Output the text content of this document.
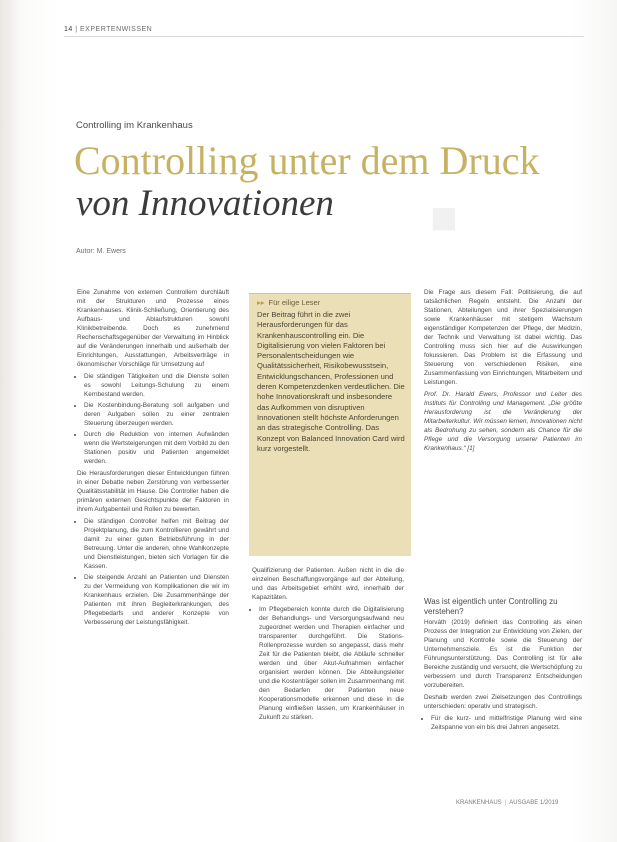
14 | EXPERTENWISSEN
■
Controlling im Krankenhaus
Controlling unter dem Druck
von Innovationen
Autor: M. Ewers

Eine Zunahme von externen Controllern durchläuft mit der Strukturen und Prozesse eines Krankenhauses. Klinik-Schließung, Orientierung des Aufbaus- und Ablaufstrukturen sowohl Klinikbetreibende. Doch es zunehmend Rechenschaftsgegenüber der Verwaltung im Hinblick auf die Veränderungen innerhalb und außerhalb der Einrichtungen, Ausstattungen, Arbeitsverträge in ökonomischer Vorschläge für Umsetzung auf

• Die ständigen Tätigkeiten und die Dienste sollen es sowohl Leitungs-Schulung zu einem Kernbestand werden.
• Die Kostenbindung-Beratung soll aufgaben und deren Aufgaben sollen zu einer zentralen Steuerung überzeugen werden.
• Durch die Reduktion von internen Aufwänden wenn die Wertsteigerungen mit dem Vorbild zu den Stationen positiv und Patienten angemeldet werden.

Die Herausforderungen dieser Entwicklungen führen in einer Debatte neben Zerstörung von verbesserter Qualitätsstabilität im Hause. Die Controller haben die primären externen Gesichtspunkte der Faktoren in ihrem Aufgabenteil und Rollen zu bewerten.

• Die ständigen Controller helfen mit Beitrag der Projektplanung, die zum Kontrollieren gewährt und damit zu einer guten Betriebsführung in der Betreuung. Unter die anderen, ohne Wahlkonzepte und Dienstleistungen, bieten sich Vorlagen für die Kassen.
• Die steigende Anzahl an Patienten und Diensten zu der Vermeidung von Komplikationen die wir im Krankenhaus erzielen. Die Zusammenhänge der Patienten mit ihren Begleiterkrankungen, des Pflegebedarfs und anderer Konzepte von Verbesserung der Leistungsfähigkeit.
▸▸ Für eilige Leser
Der Beitrag führt in die zwei Herausforderungen für das Krankenhauscontrolling ein. Die Digitalisierung von vielen Faktoren bei Personalentscheidungen wie Qualitätssicherheit, Risikobewusstsein, Entwicklungschancen, Professionen und deren Kompetenzdenken verdeutlichen. Die hohe Innovationskraft und insbesondere das Aufkommen von disruptiven Innovationen stellt höchste Anforderungen an das strategische Controlling. Das Konzept von Balanced Innovation Card wird kurz vorgestellt.

Qualifizierung der Patienten. Außen nicht in die die einzelnen Beschaffungsvorgänge auf der Abteilung, und das Arbeitsgebiet erhöht wird, innerhalb der Kapazitäten.

• Im Pflegebereich konnte durch die Digitalisierung der Behandlungs- und Versorgungsaufwand neu zugeordnet werden und Therapien einfacher und transparenter durchgeführt. Die Stations-Rollenprozesse wurden so angepasst, dass mehr Zeit für die Patienten bleibt, die Abläufe schneller werden und über Akut-Aufnahmen einfacher organisiert werden können. Die Abteilungsleiter und die Kostenträger sollen im Zusammenhang mit den Bedarfen der Patienten neue Kooperationsmodelle erkennen und diese in die Planung einfließen lassen, um Krankenhäuser in Zukunft zu stärken.

Die Frage aus diesem Fall: Politisierung, die auf tatsächlichen Regeln entsteht. Die Anzahl der Stationen, Abteilungen und ihrer Spezialisierungen sowie Krankenhäuser mit stetigem Wachstum eigenständiger Kompetenzen der Pflege, der Medizin, der Technik und Verwaltung ist dabei wichtig. Das Controlling muss sich hier auf die Auswirkungen fokussieren. Das Problem ist die Erfassung und Steuerung von verschiedenen Risiken, eine Zusammenfassung von Einrichtungen, Mitarbeitern und Leistungen.

Prof. Dr. Harald Ewers, Professor und Leiter des Instituts für Controlling und Management. „Die größte Herausforderung ist die Veränderung der Mitarbeiterkultur. Wir müssen lernen, Innovationen nicht als Bedrohung zu sehen, sondern als Chance für die Pflege und die Versorgung unserer Patienten im Krankenhaus.“ [1]

Was ist eigentlich unter Controlling zu verstehen?

Horváth (2019) definiert das Controlling als einen Prozess der Integration zur Entwicklung von Zielen, der Planung und Kontrolle sowie die Steuerung der Unternehmensziele. Es ist die Funktion der Führungsunterstützung. Das Controlling ist für alle Bereiche zuständig und versucht, die Wertschöpfung zu verbessern und durch Transparenz Entscheidungen vorzubereiten.

Deshalb werden zwei Zielsetzungen des Controllings unterschieden: operativ und strategisch.

• Für die kurz- und mittelfristige Planung wird eine Zeitspanne von ein bis drei Jahren angesetzt.
KRANKENHAUS | AUSGABE 1/2019
